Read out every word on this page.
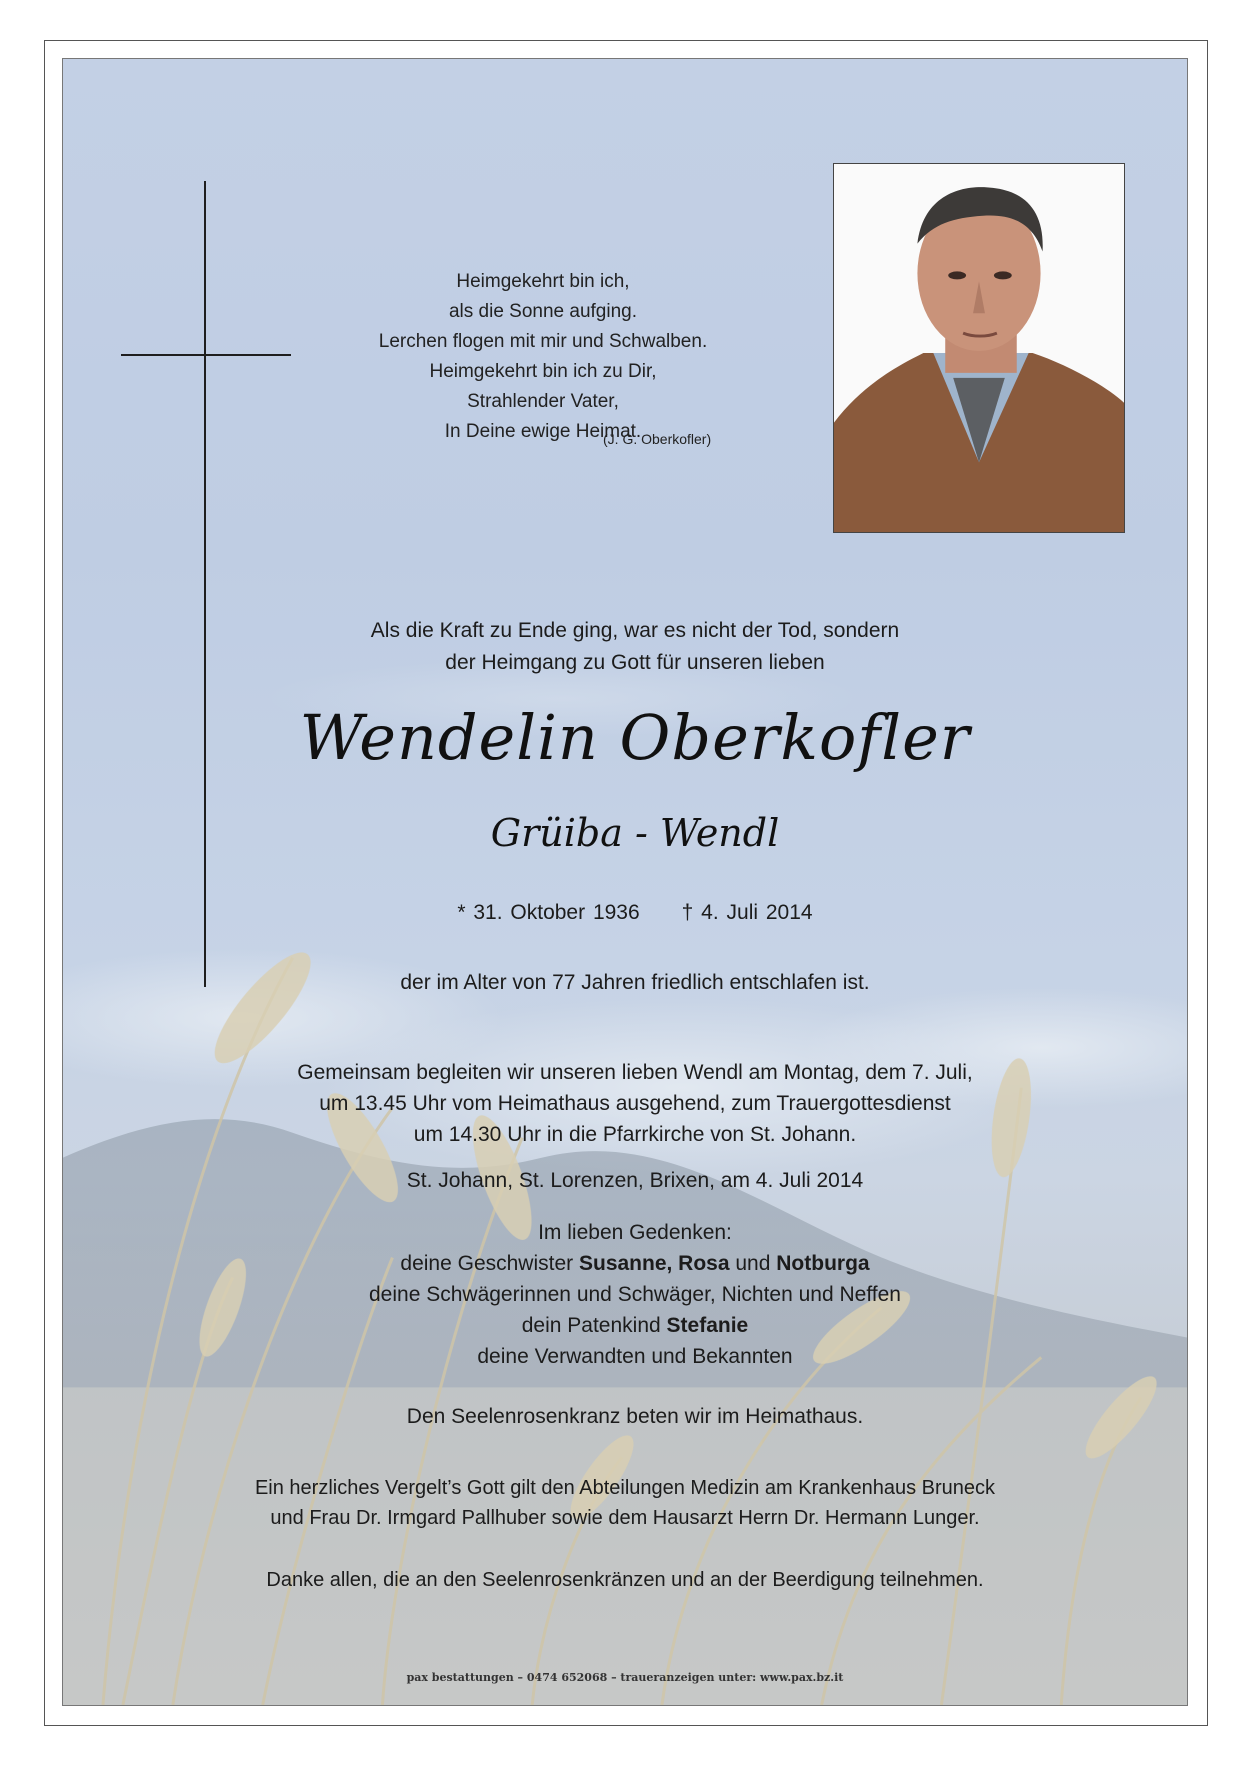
Heimgekehrt bin ich,
als die Sonne aufging.
Lerchen flogen mit mir und Schwalben.
Heimgekehrt bin ich zu Dir,
Strahlender Vater,
In Deine ewige Heimat.
(J. G. Oberkofler)
Als die Kraft zu Ende ging, war es nicht der Tod, sondern
der Heimgang zu Gott für unseren lieben
Wendelin Oberkofler
Grüiba - Wendl
* 31. Oktober 1936 † 4. Juli 2014
der im Alter von 77 Jahren friedlich entschlafen ist.
Gemeinsam begleiten wir unseren lieben Wendl am Montag, dem 7. Juli,
um 13.45 Uhr vom Heimathaus ausgehend, zum Trauergottesdienst
um 14.30 Uhr in die Pfarrkirche von St. Johann.
St. Johann, St. Lorenzen, Brixen, am 4. Juli 2014
Im lieben Gedenken:
deine Geschwister Susanne, Rosa und Notburga
deine Schwägerinnen und Schwäger, Nichten und Neffen
dein Patenkind Stefanie
deine Verwandten und Bekannten
Den Seelenrosenkranz beten wir im Heimathaus.
Ein herzliches Vergelt’s Gott gilt den Abteilungen Medizin am Krankenhaus Bruneck
und Frau Dr. Irmgard Pallhuber sowie dem Hausarzt Herrn Dr. Hermann Lunger.
Danke allen, die an den Seelenrosenkränzen und an der Beerdigung teilnehmen.
pax bestattungen – 0474 652068 – traueranzeigen unter: www.pax.bz.it
